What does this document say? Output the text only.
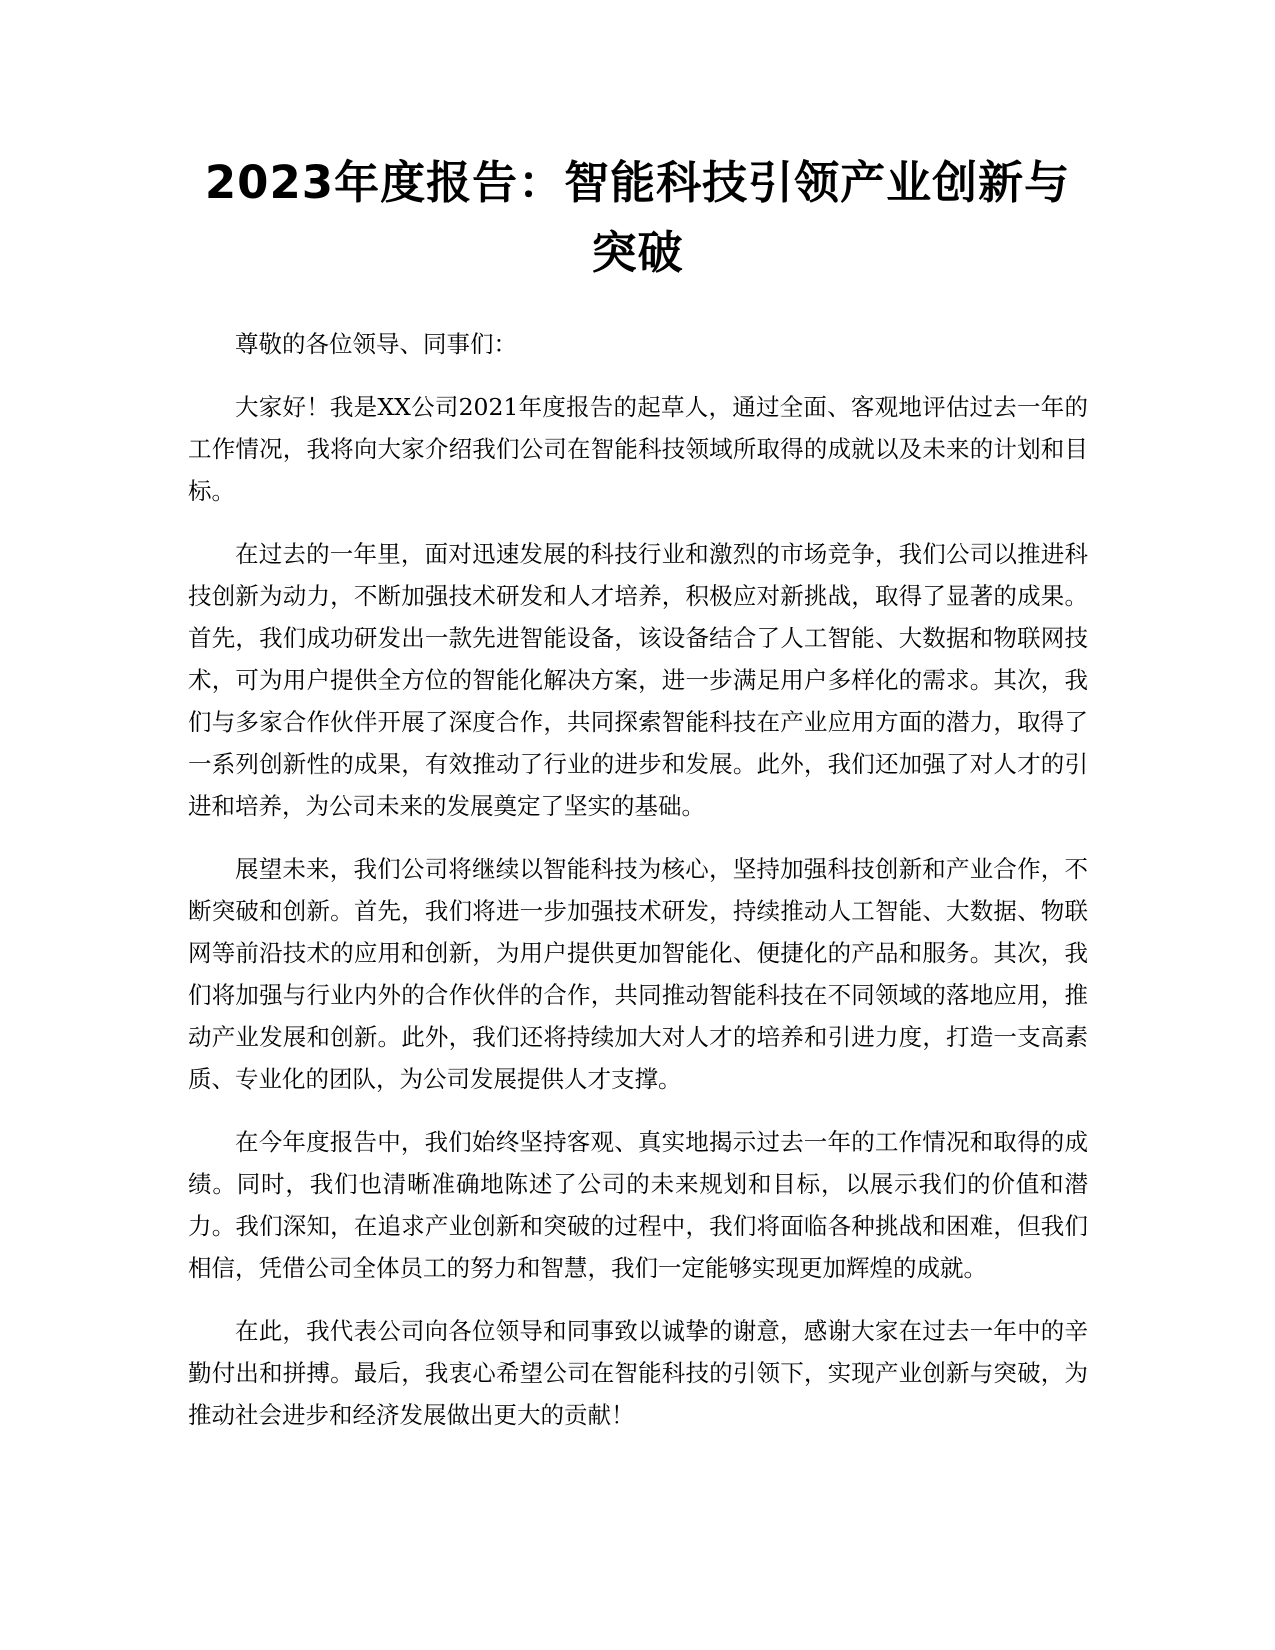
2023年度报告：智能科技引领产业创新与突破

尊敬的各位领导、同事们：

大家好！我是XX公司2021年度报告的起草人，通过全面、客观地评估过去一年的工作情况，我将向大家介绍我们公司在智能科技领域所取得的成就以及未来的计划和目标。

在过去的一年里，面对迅速发展的科技行业和激烈的市场竞争，我们公司以推进科技创新为动力，不断加强技术研发和人才培养，积极应对新挑战，取得了显著的成果。首先，我们成功研发出一款先进智能设备，该设备结合了人工智能、大数据和物联网技术，可为用户提供全方位的智能化解决方案，进一步满足用户多样化的需求。其次，我们与多家合作伙伴开展了深度合作，共同探索智能科技在产业应用方面的潜力，取得了一系列创新性的成果，有效推动了行业的进步和发展。此外，我们还加强了对人才的引进和培养，为公司未来的发展奠定了坚实的基础。

展望未来，我们公司将继续以智能科技为核心，坚持加强科技创新和产业合作，不断突破和创新。首先，我们将进一步加强技术研发，持续推动人工智能、大数据、物联网等前沿技术的应用和创新，为用户提供更加智能化、便捷化的产品和服务。其次，我们将加强与行业内外的合作伙伴的合作，共同推动智能科技在不同领域的落地应用，推动产业发展和创新。此外，我们还将持续加大对人才的培养和引进力度，打造一支高素质、专业化的团队，为公司发展提供人才支撑。

在今年度报告中，我们始终坚持客观、真实地揭示过去一年的工作情况和取得的成绩。同时，我们也清晰准确地陈述了公司的未来规划和目标，以展示我们的价值和潜力。我们深知，在追求产业创新和突破的过程中，我们将面临各种挑战和困难，但我们相信，凭借公司全体员工的努力和智慧，我们一定能够实现更加辉煌的成就。

在此，我代表公司向各位领导和同事致以诚挚的谢意，感谢大家在过去一年中的辛勤付出和拼搏。最后，我衷心希望公司在智能科技的引领下，实现产业创新与突破，为推动社会进步和经济发展做出更大的贡献！
